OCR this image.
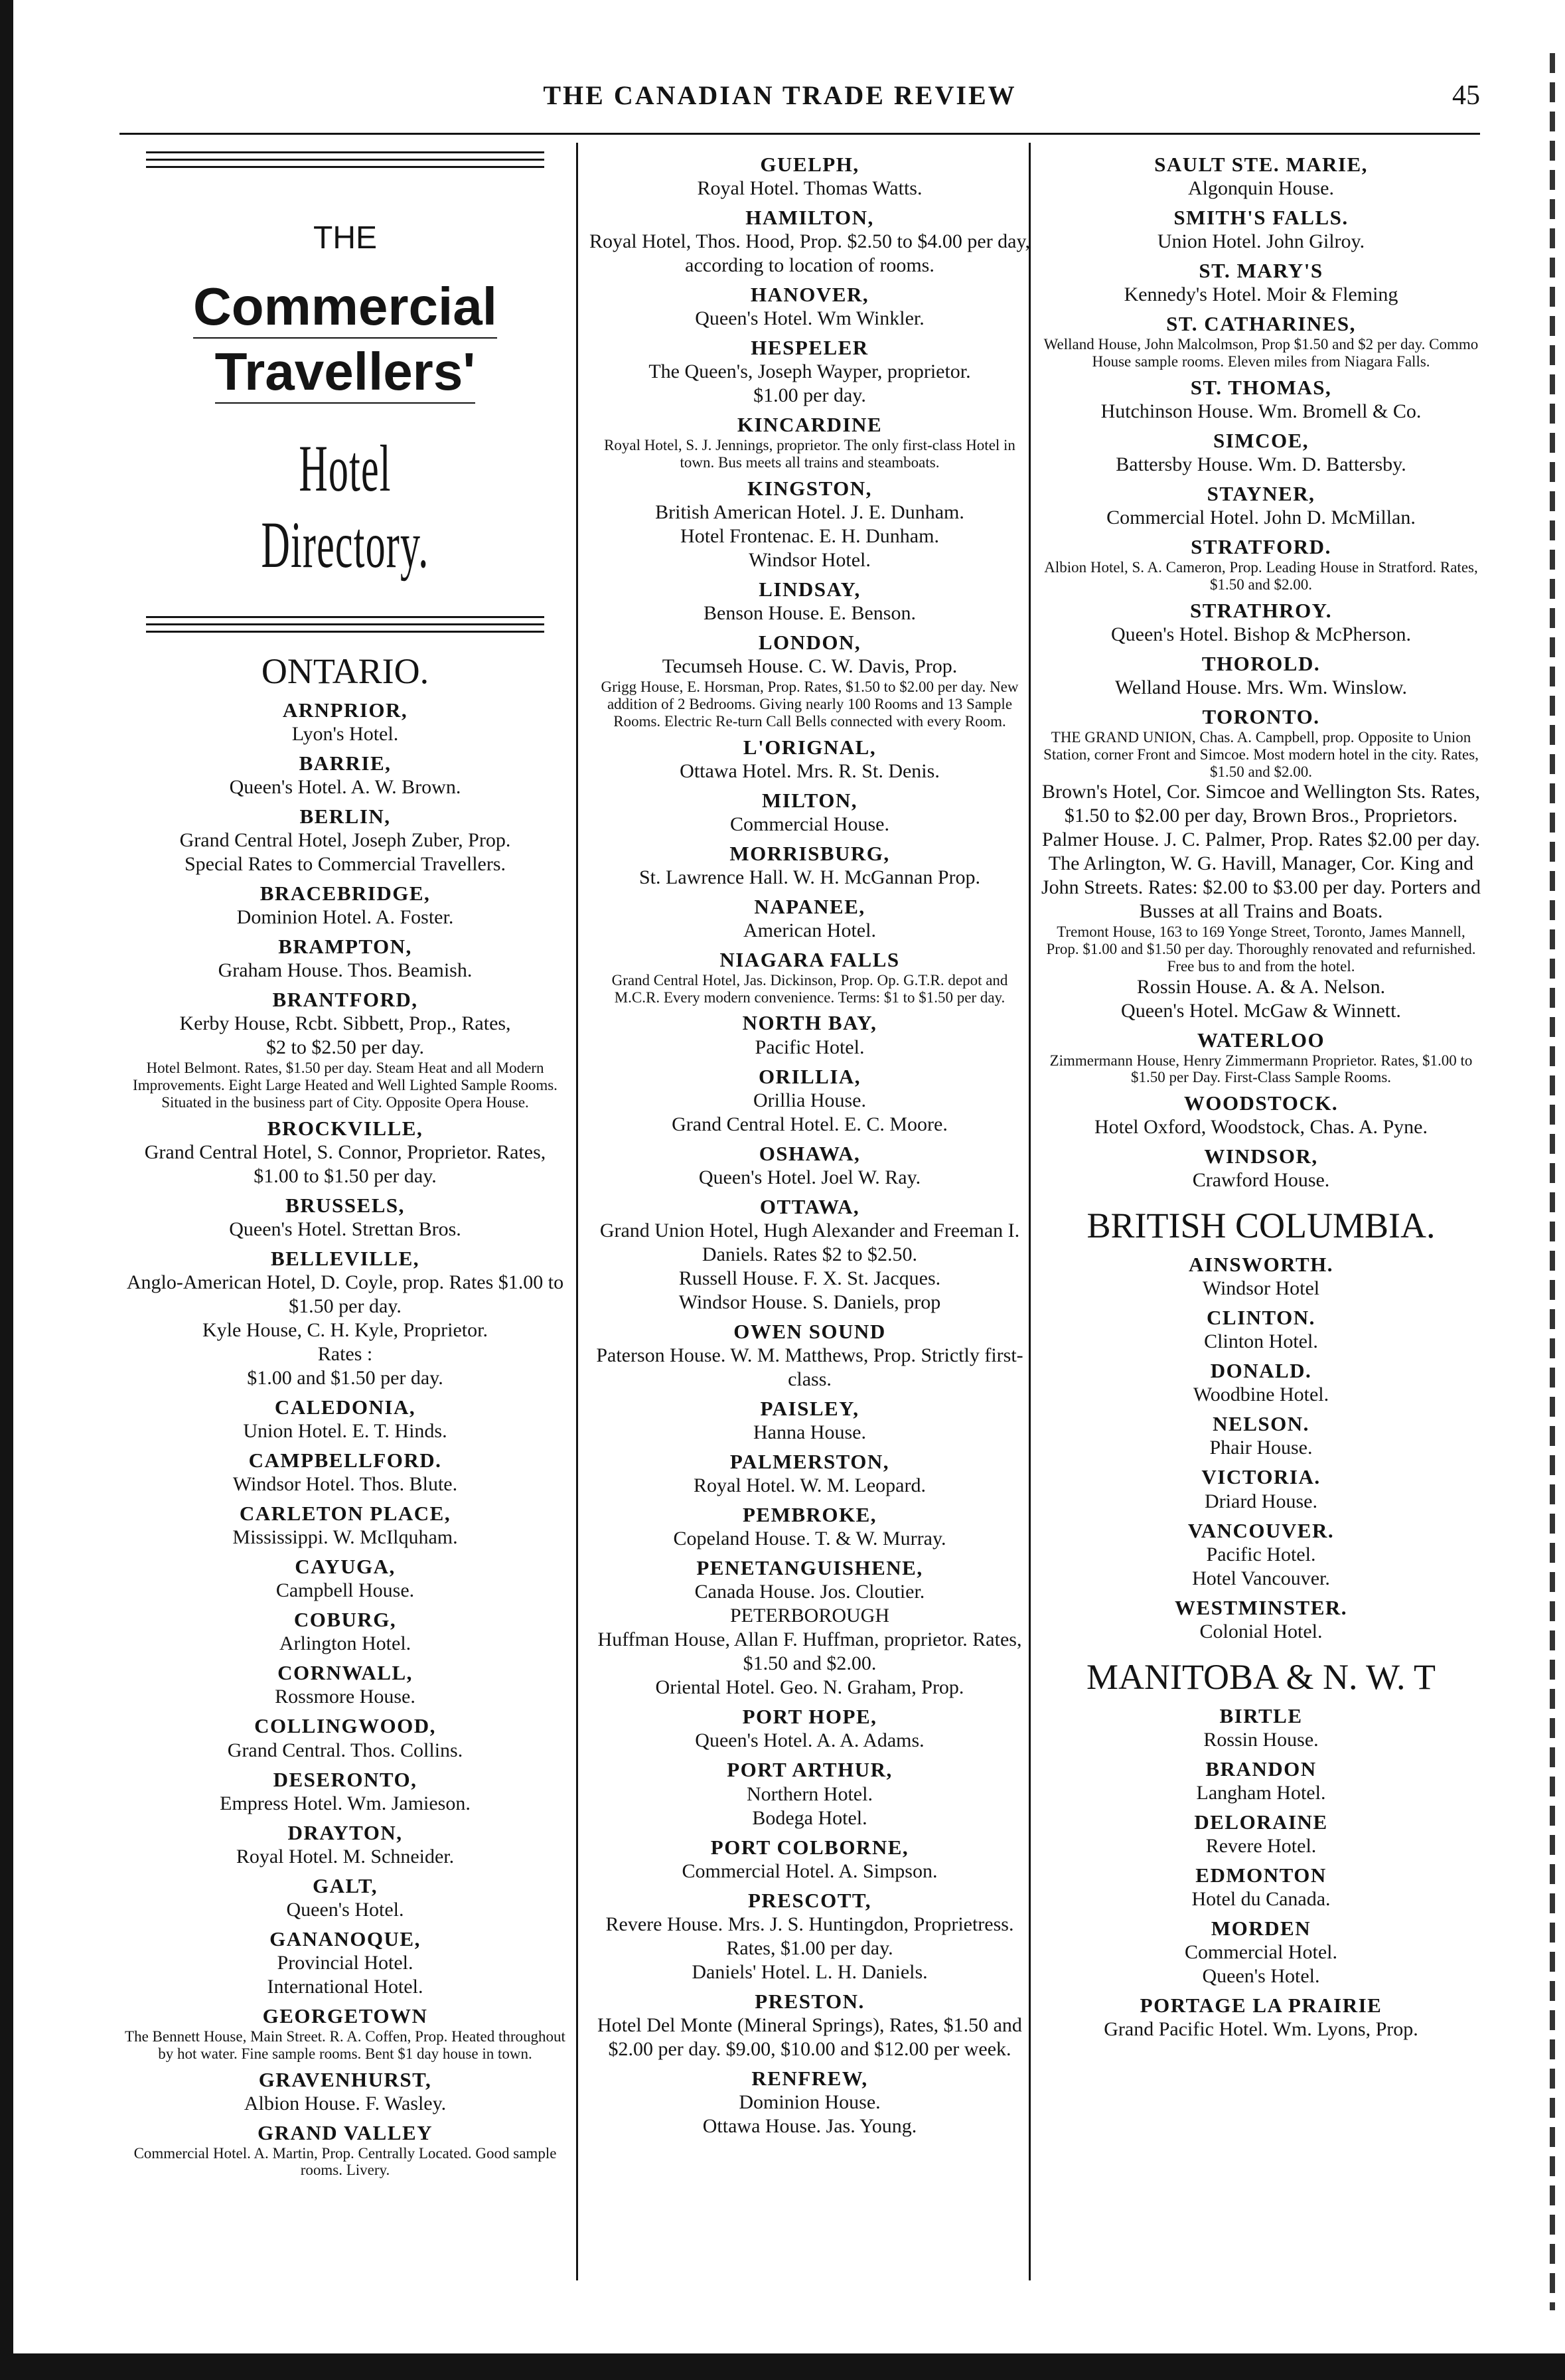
THE CANADIAN TRADE REVIEW	45
THE
Commercial
Travellers'
Hotel Directory.
ONTARIO.
ARNPRIOR,
Lyon's Hotel.
BARRIE,
Queen's Hotel. A. W. Brown.
BERLIN,
Grand Central Hotel, Joseph Zuber, Prop.
Special Rates to Commercial Travellers.
BRACEBRIDGE,
Dominion Hotel. A. Foster.
BRAMPTON,
Graham House. Thos. Beamish.
BRANTFORD,
Kerby House, Rcbt. Sibbett, Prop., Rates,
$2 to $2.50 per day.
Hotel Belmont. Rates, $1.50 per day. Steam Heat and all Modern Improvements. Eight Large Heated and Well Lighted Sample Rooms. Situated in the business part of City. Opposite Opera House.
BROCKVILLE,
Grand Central Hotel, S. Connor, Proprietor. Rates, $1.00 to $1.50 per day.
BRUSSELS,
Queen's Hotel. Strettan Bros.
BELLEVILLE,
Anglo-American Hotel, D. Coyle, prop. Rates $1.00 to $1.50 per day.
Kyle House, C. H. Kyle, Proprietor.
Rates :
$1.00 and $1.50 per day.
CALEDONIA,
Union Hotel. E. T. Hinds.
CAMPBELLFORD.
Windsor Hotel. Thos. Blute.
CARLETON PLACE,
Mississippi. W. McIlquham.
CAYUGA,
Campbell House.
COBURG,
Arlington Hotel.
CORNWALL,
Rossmore House.
COLLINGWOOD,
Grand Central. Thos. Collins.
DESERONTO,
Empress Hotel. Wm. Jamieson.
DRAYTON,
Royal Hotel. M. Schneider.
GALT,
Queen's Hotel.
GANANOQUE,
Provincial Hotel.
International Hotel.
GEORGETOWN
The Bennett House, Main Street. R. A. Coffen, Prop. Heated throughout by hot water. Fine sample rooms. Bent $1 day house in town.
GRAVENHURST,
Albion House. F. Wasley.
GRAND VALLEY
Commercial Hotel. A. Martin, Prop. Centrally Located. Good sample rooms. Livery.
GUELPH,
Royal Hotel. Thomas Watts.
HAMILTON,
Royal Hotel, Thos. Hood, Prop. $2.50 to $4.00 per day, according to location of rooms.
HANOVER,
Queen's Hotel. Wm Winkler.
HESPELER
The Queen's, Joseph Wayper, proprietor.
$1.00 per day.
KINCARDINE
Royal Hotel, S. J. Jennings, proprietor. The only first-class Hotel in town. Bus meets all trains and steamboats.
KINGSTON,
British American Hotel. J. E. Dunham.
Hotel Frontenac. E. H. Dunham.
Windsor Hotel.
LINDSAY,
Benson House. E. Benson.
LONDON,
Tecumseh House. C. W. Davis, Prop.
Grigg House, E. Horsman, Prop. Rates, $1.50 to $2.00 per day. New addition of 2 Bedrooms. Giving nearly 100 Rooms and 13 Sample Rooms. Electric Re-turn Call Bells connected with every Room.
L'ORIGNAL,
Ottawa Hotel. Mrs. R. St. Denis.
MILTON,
Commercial House.
MORRISBURG,
St. Lawrence Hall. W. H. McGannan Prop.
NAPANEE,
American Hotel.
NIAGARA FALLS
Grand Central Hotel, Jas. Dickinson, Prop. Op. G.T.R. depot and M.C.R. Every modern convenience. Terms: $1 to $1.50 per day.
NORTH BAY,
Pacific Hotel.
ORILLIA,
Orillia House.
Grand Central Hotel. E. C. Moore.
OSHAWA,
Queen's Hotel. Joel W. Ray.
OTTAWA,
Grand Union Hotel, Hugh Alexander and Freeman I. Daniels. Rates $2 to $2.50.
Russell House. F. X. St. Jacques.
Windsor House. S. Daniels, prop
OWEN SOUND
Paterson House. W. M. Matthews, Prop. Strictly first-class.
PAISLEY,
Hanna House.
PALMERSTON,
Royal Hotel. W. M. Leopard.
PEMBROKE,
Copeland House. T. & W. Murray.
PENETANGUISHENE,
Canada House. Jos. Cloutier.
PETERBOROUGH
Huffman House, Allan F. Huffman, proprietor. Rates, $1.50 and $2.00.
Oriental Hotel. Geo. N. Graham, Prop.
PORT HOPE,
Queen's Hotel. A. A. Adams.
PORT ARTHUR,
Northern Hotel.
Bodega Hotel.
PORT COLBORNE,
Commercial Hotel. A. Simpson.
PRESCOTT,
Revere House. Mrs. J. S. Huntingdon, Proprietress. Rates, $1.00 per day.
Daniels' Hotel. L. H. Daniels.
PRESTON.
Hotel Del Monte (Mineral Springs), Rates, $1.50 and $2.00 per day. $9.00, $10.00 and $12.00 per week.
RENFREW,
Dominion House.
Ottawa House. Jas. Young.
SAULT STE. MARIE,
Algonquin House.
SMITH'S FALLS.
Union Hotel. John Gilroy.
ST. MARY'S
Kennedy's Hotel. Moir & Fleming
ST. CATHARINES,
Welland House, John Malcolmson, Prop $1.50 and $2 per day. Commo House sample rooms. Eleven miles from Niagara Falls.
ST. THOMAS,
Hutchinson House. Wm. Bromell & Co.
SIMCOE,
Battersby House. Wm. D. Battersby.
STAYNER,
Commercial Hotel. John D. McMillan.
STRATFORD.
Albion Hotel, S. A. Cameron, Prop. Leading House in Stratford. Rates, $1.50 and $2.00.
STRATHROY.
Queen's Hotel. Bishop & McPherson.
THOROLD.
Welland House. Mrs. Wm. Winslow.
TORONTO.
THE GRAND UNION, Chas. A. Campbell, prop. Opposite to Union Station, corner Front and Simcoe. Most modern hotel in the city. Rates, $1.50 and $2.00.
Brown's Hotel, Cor. Simcoe and Wellington Sts. Rates, $1.50 to $2.00 per day, Brown Bros., Proprietors.
Palmer House. J. C. Palmer, Prop. Rates $2.00 per day.
The Arlington, W. G. Havill, Manager, Cor. King and John Streets. Rates: $2.00 to $3.00 per day. Porters and Busses at all Trains and Boats.
Tremont House, 163 to 169 Yonge Street, Toronto, James Mannell, Prop. $1.00 and $1.50 per day. Thoroughly renovated and refurnished. Free bus to and from the hotel.
Rossin House. A. & A. Nelson.
Queen's Hotel. McGaw & Winnett.
WATERLOO
Zimmermann House, Henry Zimmermann Proprietor. Rates, $1.00 to $1.50 per Day. First-Class Sample Rooms.
WOODSTOCK.
Hotel Oxford, Woodstock, Chas. A. Pyne.
WINDSOR,
Crawford House.
BRITISH COLUMBIA.
AINSWORTH.
Windsor Hotel
CLINTON.
Clinton Hotel.
DONALD.
Woodbine Hotel.
NELSON.
Phair House.
VICTORIA.
Driard House.
VANCOUVER.
Pacific Hotel.
Hotel Vancouver.
WESTMINSTER.
Colonial Hotel.
MANITOBA & N. W. T
BIRTLE
Rossin House.
BRANDON
Langham Hotel.
DELORAINE
Revere Hotel.
EDMONTON
Hotel du Canada.
MORDEN
Commercial Hotel.
Queen's Hotel.
PORTAGE LA PRAIRIE
Grand Pacific Hotel. Wm. Lyons, Prop.
